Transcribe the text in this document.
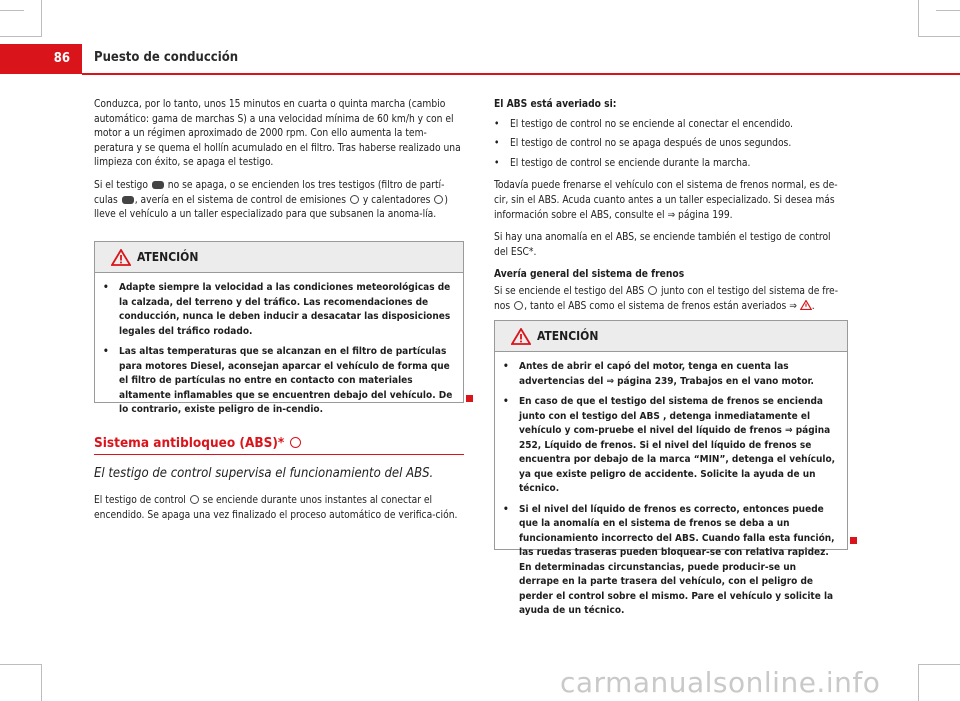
86	Puesto de conducción

Conduzca, por lo tanto, unos 15 minutos en cuarta o quinta marcha (cambio automático: gama de marchas S) a una velocidad mínima de 60 km/h y con el motor a un régimen aproximado de 2000 rpm. Con ello aumenta la tem-peratura y se quema el hollín acumulado en el filtro. Tras haberse realizado una limpieza con éxito, se apaga el testigo.

Si el testigo no se apaga, o se encienden los tres testigos (filtro de partí-culas , avería en el sistema de control de emisiones y calentadores ) lleve el vehículo a un taller especializado para que subsanen la anoma-lía.

ATENCIÓN
• Adapte siempre la velocidad a las condiciones meteorológicas de la calzada, del terreno y del tráfico. Las recomendaciones de conducción, nunca le deben inducir a desacatar las disposiciones legales del tráfico rodado.
• Las altas temperaturas que se alcanzan en el filtro de partículas para motores Diesel, aconsejan aparcar el vehículo de forma que el filtro de partículas no entre en contacto con materiales altamente inflamables que se encuentren debajo del vehículo. De lo contrario, existe peligro de in-cendio.
Sistema antibloqueo (ABS)*
El testigo de control supervisa el funcionamiento del ABS.

El testigo de control se enciende durante unos instantes al conectar el encendido. Se apaga una vez finalizado el proceso automático de verifica-ción.

El ABS está averiado si:

• El testigo de control no se enciende al conectar el encendido.
• El testigo de control no se apaga después de unos segundos.
• El testigo de control se enciende durante la marcha.

Todavía puede frenarse el vehículo con el sistema de frenos normal, es de-cir, sin el ABS. Acuda cuanto antes a un taller especializado. Si desea más información sobre el ABS, consulte el ⇒ página 199.

Si hay una anomalía en el ABS, se enciende también el testigo de control del ESC*.

Avería general del sistema de frenos

Si se enciende el testigo del ABS junto con el testigo del sistema de fre-nos , tanto el ABS como el sistema de frenos están averiados ⇒ .

ATENCIÓN
• Antes de abrir el capó del motor, tenga en cuenta las advertencias del ⇒ página 239, Trabajos en el vano motor.
• En caso de que el testigo del sistema de frenos se encienda junto con el testigo del ABS , detenga inmediatamente el vehículo y com-pruebe el nivel del líquido de frenos ⇒ página 252, Líquido de frenos. Si el nivel del líquido de frenos se encuentra por debajo de la marca “MIN”, detenga el vehículo, ya que existe peligro de accidente. Solicite la ayuda de un técnico.
• Si el nivel del líquido de frenos es correcto, entonces puede que la anomalía en el sistema de frenos se deba a un funcionamiento incorrecto del ABS. Cuando falla esta función, las ruedas traseras pueden bloquear-se con relativa rapidez. En determinadas circunstancias, puede producir-se un derrape en la parte trasera del vehículo, con el peligro de perder el control sobre el mismo. Pare el vehículo y solicite la ayuda de un técnico.
carmanualsonline.info
